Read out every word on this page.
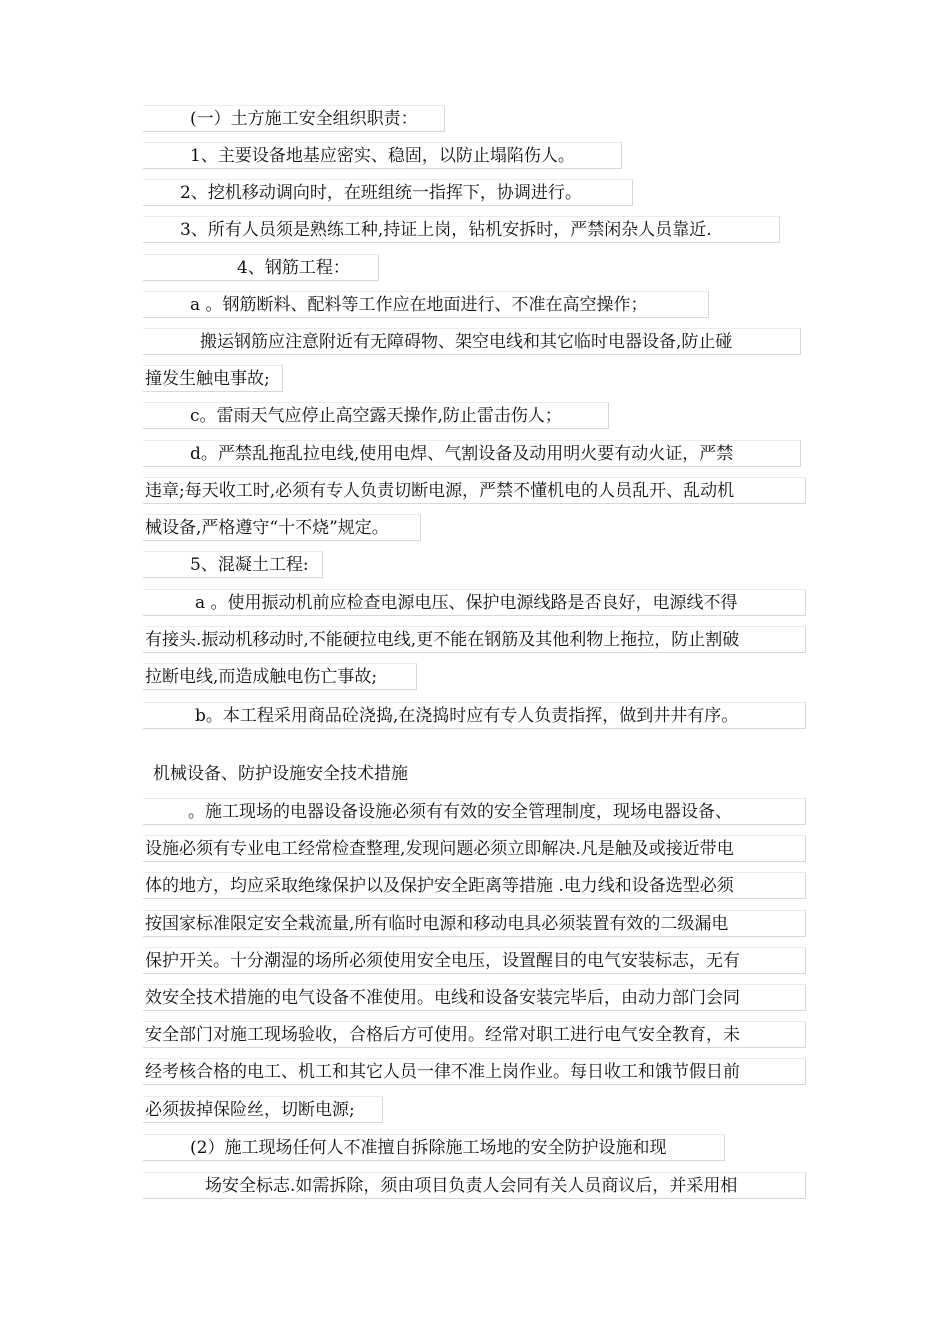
(一）土方施工安全组织职责：
1、主要设备地基应密实、稳固，以防止塌陷伤人。
2、挖机移动调向时，在班组统一指挥下，协调进行。
3、所有人员须是熟练工种,持证上岗，钻机安拆时，严禁闲杂人员靠近.
4、钢筋工程：
a 。钢筋断料、配料等工作应在地面进行、不准在高空操作；
搬运钢筋应注意附近有无障碍物、架空电线和其它临时电器设备,防止碰
撞发生触电事故;
c。雷雨天气应停止高空露天操作,防止雷击伤人；
d。严禁乱拖乱拉电线,使用电焊、气割设备及动用明火要有动火证，严禁
违章;每天收工时,必须有专人负责切断电源，严禁不懂机电的人员乱开、乱动机
械设备,严格遵守“十不烧”规定。
5、混凝土工程:
a 。使用振动机前应检查电源电压、保护电源线路是否良好，电源线不得
有接头.振动机移动时,不能硬拉电线,更不能在钢筋及其他利物上拖拉，防止割破
拉断电线,而造成触电伤亡事故;
b。本工程采用商品砼浇捣,在浇捣时应有专人负责指挥，做到井井有序。
机械设备、防护设施安全技术措施
。施工现场的电器设备设施必须有有效的安全管理制度，现场电器设备、
设施必须有专业电工经常检查整理,发现问题必须立即解决.凡是触及或接近带电
体的地方，均应采取绝缘保护以及保护安全距离等措施 .电力线和设备选型必须
按国家标准限定安全栽流量,所有临时电源和移动电具必须装置有效的二级漏电
保护开关。十分潮湿的场所必须使用安全电压，设置醒目的电气安装标志，无有
效安全技术措施的电气设备不准使用。电线和设备安装完毕后，由动力部门会同
安全部门对施工现场验收，合格后方可使用。经常对职工进行电气安全教育，未
经考核合格的电工、机工和其它人员一律不准上岗作业。每日收工和饿节假日前
必须拔掉保险丝，切断电源;
(2）施工现场任何人不准擅自拆除施工场地的安全防护设施和现
场安全标志.如需拆除，须由项目负责人会同有关人员商议后，并采用相
